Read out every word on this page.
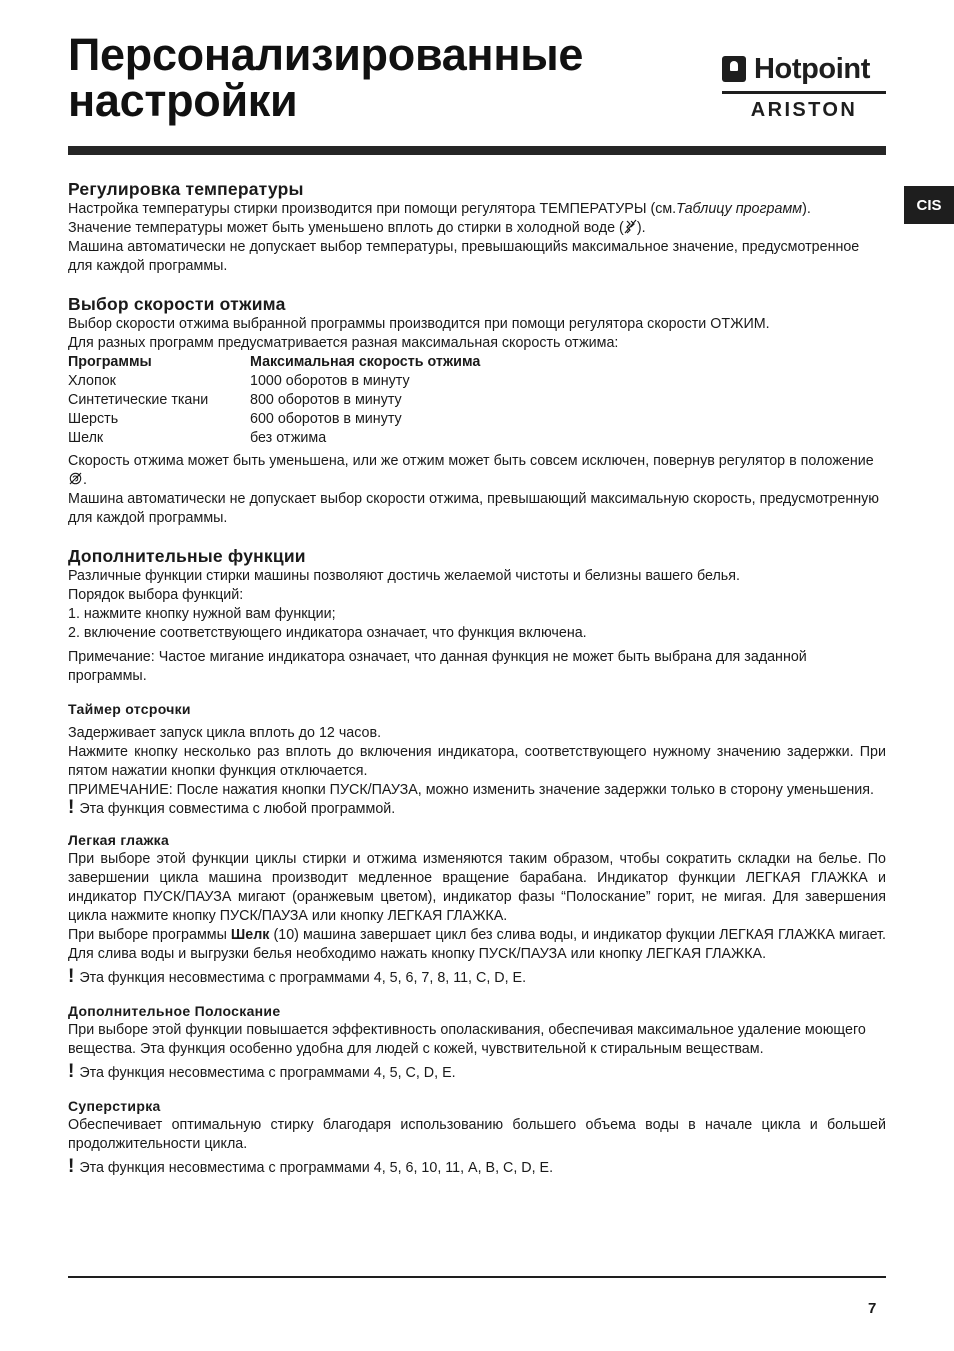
Персонализированные
настройки
Hotpoint
ARISTON
CIS
Регулировка температуры

Настройка температуры стирки производится при помощи регулятора ТЕМПЕРАТУРЫ (см.Таблицу программ).

Значение температуры может быть уменьшено вплоть до стирки в холодной воде ( ).

Машина автоматически не допускает выбор температуры, превышающийs максимальное значение, предусмотренное для каждой программы.

Выбор скорости отжима

Выбор скорости отжима выбранной программы производится при помощи регулятора скорости ОТЖИМ.

Для разных программ предусматривается разная максимальная скорость отжима:

Программы	Максимальная скорость отжима
Хлопок	1000 оборотов в минуту
Синтетические ткани	800 оборотов в минуту
Шерсть	600 оборотов в минуту
Шелк	без отжима

Скорость отжима может быть уменьшена, или же отжим может быть совсем исключен, повернув регулятор в положение .

Машина автоматически не допускает выбор скорости отжима, превышающий максимальную скорость, предусмотренную для каждой программы.

Дополнительные функции

Различные функции стирки машины позволяют достичь желаемой чистоты и белизны вашего белья.

Порядок выбора функций:

1. нажмите кнопку нужной вам функции;

2. включение соответствующего индикатора означает, что функция включена.

Примечание: Частое мигание индикатора означает, что данная функция не может быть выбрана для заданной программы.

Таймер отсрочки

Задерживает запуск цикла вплоть до 12 часов.

Нажмите кнопку несколько раз вплоть до включения индикатора, соответствующего нужному значению задержки. При пятом нажатии кнопки функция отключается.

ПРИМЕЧАНИЕ: После нажатия кнопки ПУСК/ПАУЗА, можно изменить значение задержки только в сторону уменьшения.

! Эта функция совместима с любой программой.

Легкая глажка

При выборе этой функции циклы стирки и отжима изменяются таким образом, чтобы сократить складки на белье. По завершении цикла машина производит медленное вращение барабана. Индикатор функции ЛЕГКАЯ ГЛАЖКА и индикатор ПУСК/ПАУЗА мигают (оранжевым цветом), индикатор фазы “Полоскание” горит, не мигая. Для завершения цикла нажмите кнопку ПУСК/ПАУЗА или кнопку ЛЕГКАЯ ГЛАЖКА.

При выборе программы Шелк (10) машина завершает цикл без слива воды, и индикатор фукции ЛЕГКАЯ ГЛАЖКА мигает. Для слива воды и выгрузки белья необходимо нажать кнопку ПУСК/ПАУЗА или кнопку ЛЕГКАЯ ГЛАЖКА.

! Эта функция несовместима с программами 4, 5, 6, 7, 8, 11, C, D, E.

Дополнительное Полоскание

При выборе этой функции повышается эффективность ополаскивания, обеспечивая максимальное удаление моющего вещества. Эта функция особенно удобна для людей с кожей, чувствительной к стиральным веществам.

! Эта функция несовместима с программами 4, 5, C, D, E.

Суперстирка

Обеспечивает оптимальную стирку благодаря использованию большего объема воды в начале цикла и большей продолжительности цикла.

! Эта функция несовместима с программами 4, 5, 6, 10, 11, A, B, C, D, E.

7
